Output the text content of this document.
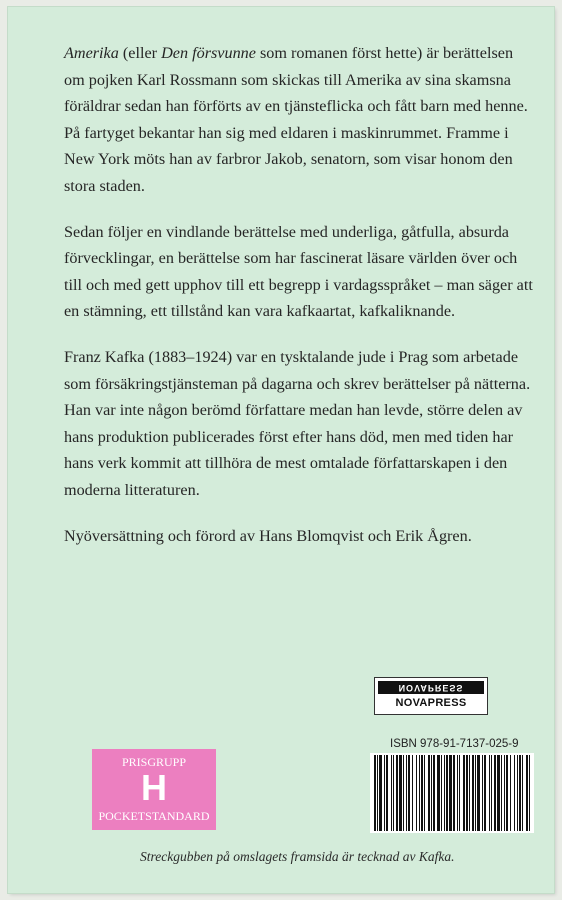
Amerika (eller Den försvunne som romanen först hette) är berättelsen om pojken Karl Rossmann som skickas till Amerika av sina skamsna föräldrar sedan han förförts av en tjänsteflicka och fått barn med henne. På fartyget bekantar han sig med eldaren i maskinrummet. Framme i New York möts han av farbror Jakob, senatorn, som visar honom den stora staden.

Sedan följer en vindlande berättelse med underliga, gåtfulla, absurda förvecklingar, en berättelse som har fascinerat läsare världen över och till och med gett upphov till ett begrepp i vardagsspråket – man säger att en stämning, ett tillstånd kan vara kafkaartat, kafkaliknande.

Franz Kafka (1883–1924) var en tysktalande jude i Prag som arbetade som försäkringstjänsteman på dagarna och skrev berättelser på nätterna. Han var inte någon berömd författare medan han levde, större delen av hans produktion publicerades först efter hans död, men med tiden har hans verk kommit att tillhöra de mest omtalade författarskapen i den moderna litteraturen.

Nyöversättning och förord av Hans Blomqvist och Erik Ågren.

NOVAPRESS
NOVAPRESS
PRISGRUPP
H
POCKETSTANDARD
ISBN 978-91-7137-025-9
Streckgubben på omslagets framsida är tecknad av Kafka.
